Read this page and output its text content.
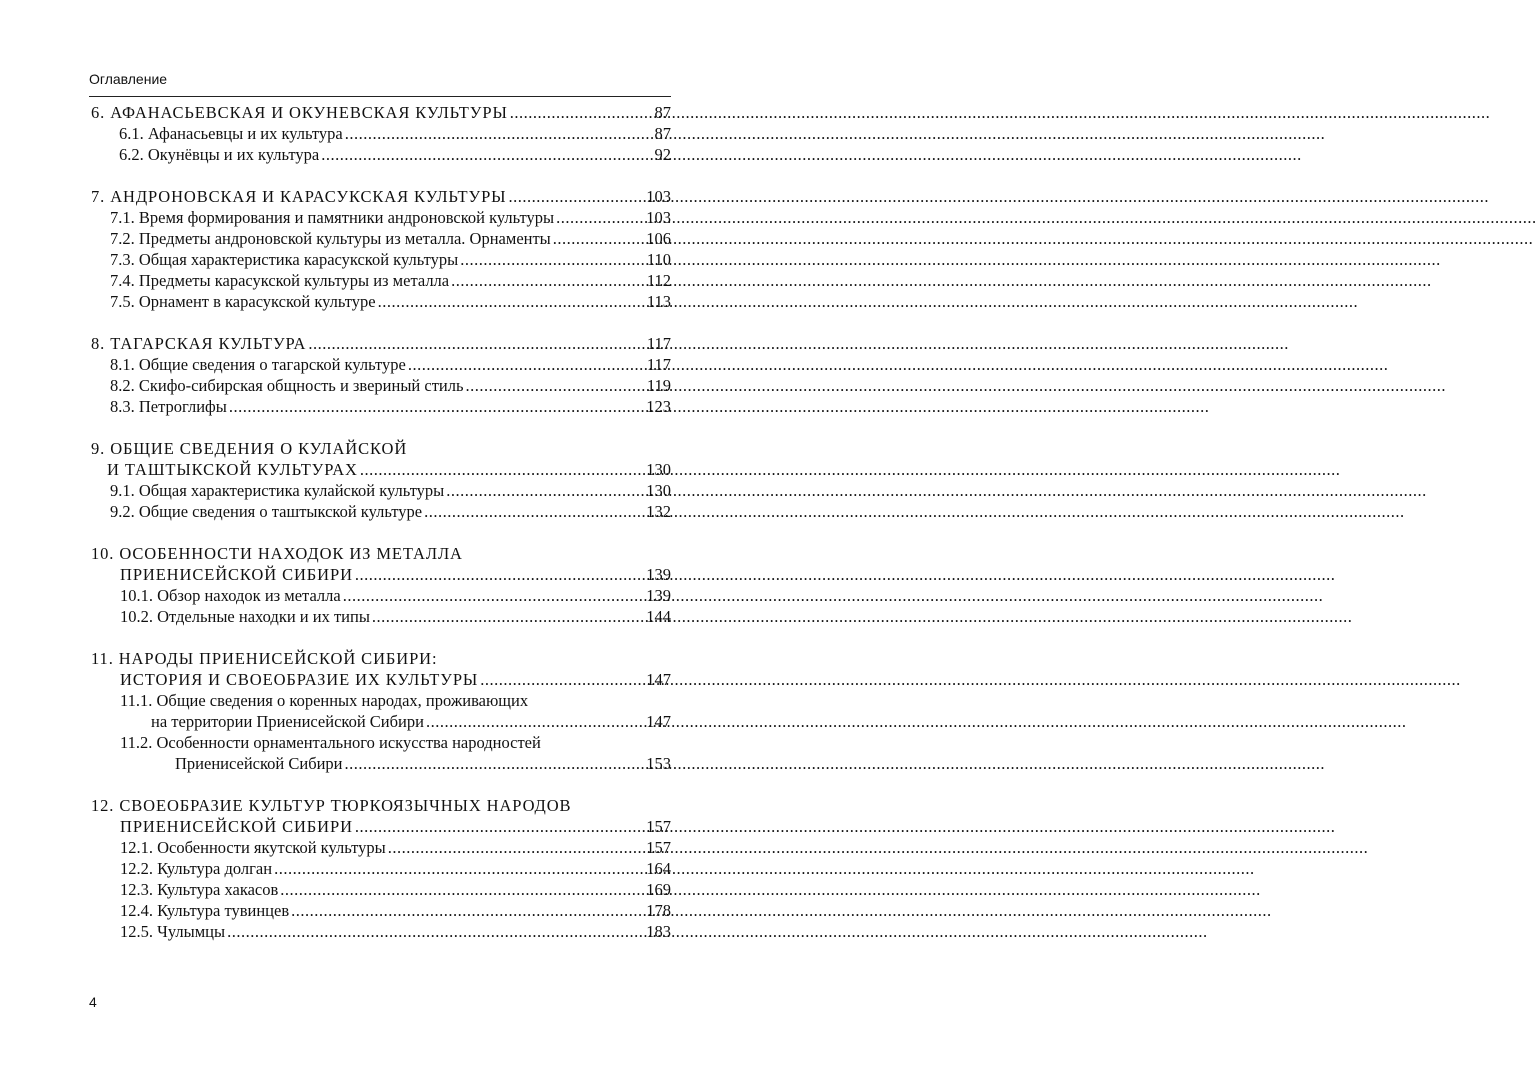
Оглавление
6. АФАНАСЬЕВСКАЯ И ОКУНЕВСКАЯ КУЛЬТУРЫ .....	87
6.1. Афанасьевцы и их культура .....	87
6.2. Окунёвцы и их культура .....	92
7. АНДРОНОВСКАЯ И КАРАСУКСКАЯ КУЛЬТУРЫ .....	103
7.1. Время формирования и памятники андроновской культуры .....	103
7.2. Предметы андроновской культуры из металла. Орнаменты .....	106
7.3. Общая характеристика карасукской культуры .....	110
7.4. Предметы карасукской культуры из металла .....	112
7.5. Орнамент в карасукской культуре .....	113
8. ТАГАРСКАЯ КУЛЬТУРА .....	117
8.1. Общие сведения о тагарской культуре .....	117
8.2. Скифо-сибирская общность и звериный стиль .....	119
8.3. Петроглифы .....	123
9. ОБЩИЕ СВЕДЕНИЯ О КУЛАЙСКОЙ
И ТАШТЫКСКОЙ КУЛЬТУРАХ .....	130
9.1. Общая характеристика кулайской культуры .....	130
9.2. Общие сведения о таштыкской культуре .....	132
10. ОСОБЕННОСТИ НАХОДОК ИЗ МЕТАЛЛА
ПРИЕНИСЕЙСКОЙ СИБИРИ .....	139
10.1. Обзор находок из металла .....	139
10.2. Отдельные находки и их типы .....	144
11. НАРОДЫ ПРИЕНИСЕЙСКОЙ СИБИРИ:
ИСТОРИЯ И СВОЕОБРАЗИЕ ИХ КУЛЬТУРЫ .....	147
11.1. Общие сведения о коренных народах, проживающих
на территории Приенисейской Сибири .....	147
11.2. Особенности орнаментального искусства народностей
Приенисейской Сибири .....	153
12. СВОЕОБРАЗИЕ КУЛЬТУР ТЮРКОЯЗЫЧНЫХ НАРОДОВ
ПРИЕНИСЕЙСКОЙ СИБИРИ .....	157
12.1. Особенности якутской культуры .....	157
12.2. Культура долган .....	164
12.3. Культура хакасов .....	169
12.4. Культура тувинцев .....	178
12.5. Чулымцы .....	183
4
